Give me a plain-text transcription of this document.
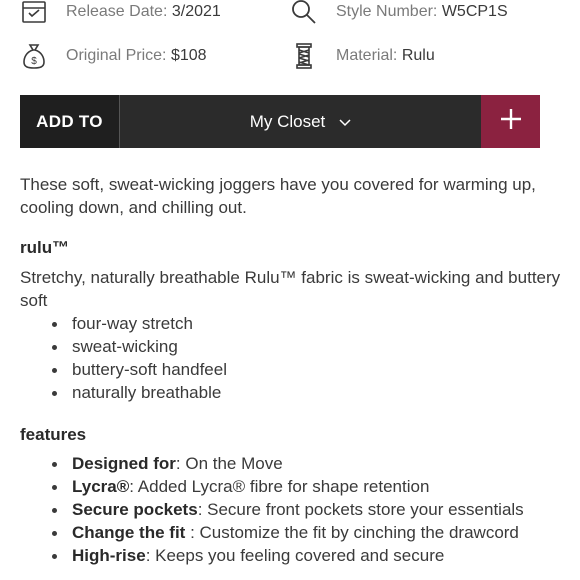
Release Date: 3/2021	Style Number: W5CP1S
$ Original Price: $108	Material: Rulu
ADD TO	My Closet
These soft, sweat-wicking joggers have you covered for warming up, cooling down, and chilling out.
rulu™
Stretchy, naturally breathable Rulu™ fabric is sweat-wicking and buttery soft
four-way stretch
sweat-wicking
buttery-soft handfeel
naturally breathable
features
Designed for: On the Move
Lycra®: Added Lycra® fibre for shape retention
Secure pockets: Secure front pockets store your essentials
Change the fit : Customize the fit by cinching the drawcord
High-rise: Keeps you feeling covered and secure
